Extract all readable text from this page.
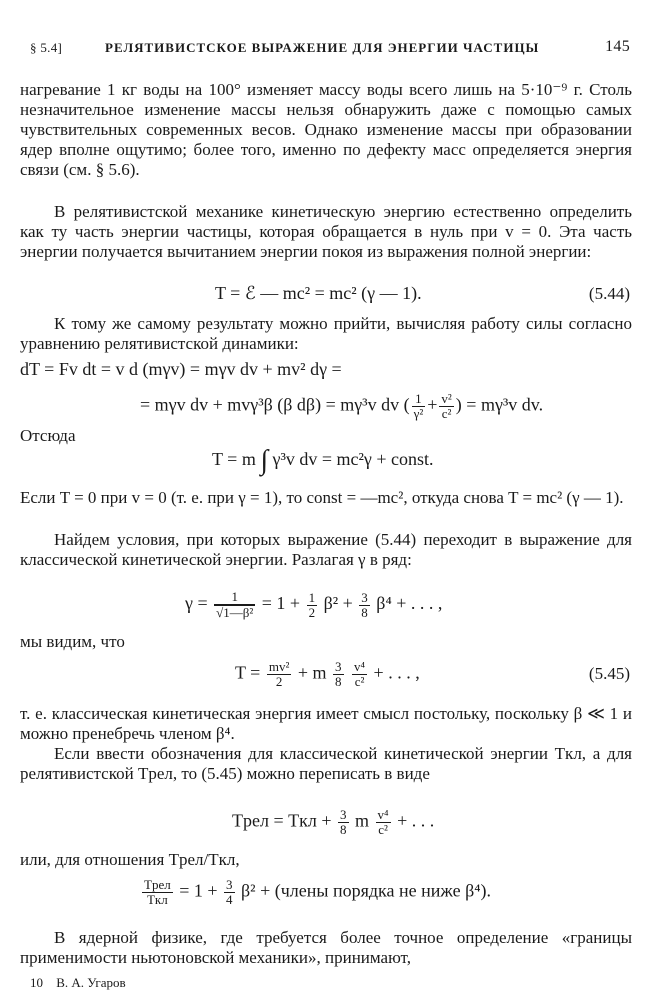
§ 5.4]	РЕЛЯТИВИСТСКОЕ ВЫРАЖЕНИЕ ДЛЯ ЭНЕРГИИ ЧАСТИЦЫ	145
нагревание 1 кг воды на 100° изменяет массу воды всего лишь на 5·10⁻⁹ г. Столь незначительное изменение массы нельзя обнаружить даже с помощью самых чувствительных современных весов. Однако изменение массы при образовании ядер вполне ощутимо; более того, именно по дефекту масс определяется энергия связи (см. § 5.6).
В релятивистской механике кинетическую энергию естественно определить как ту часть энергии частицы, которая обращается в нуль при v = 0. Эта часть энергии получается вычитанием энергии покоя из выражения полной энергии:
T = ℰ — mc² = mc² (γ — 1).	(5.44)
К тому же самому результату можно прийти, вычисляя работу силы согласно уравнению релятивистской динамики:
dT = Fv dt = v d (mγv) = mγv dv + mv² dγ =
= mγv dv + mvγ³β (β dβ) = mγ³v dv ( $\frac{1}{\text{γ²}} + \frac{\text{v²}}{\text{c²}}$ ) = mγ³v dv.
Отсюда
T = m ∫ γ³v dv = mc²γ + const.
Если T = 0 при v = 0 (т. е. при γ = 1), то const = —mc², откуда снова T = mc² (γ — 1).
Найдем условия, при которых выражение (5.44) переходит в выражение для классической кинетической энергии. Разлагая γ в ряд:
$\gamma = \frac{1}{\text{√1—β²}} = 1 + \frac{1}{2} \beta^2 + \frac{3}{8} \beta^4$ + . . . ,
мы видим, что
$T = \frac{\text{mv²}}{2} + m \frac{3}{8}$
$\frac{\text{v⁴}}{\text{c²}}$ + . . . ,	(5.45)
т. е. классическая кинетическая энергия имеет смысл постольку, поскольку β ≪ 1 и можно пренебречь членом β⁴.
Если ввести обозначения для классической кинетической энергии Tкл, а для релятивистской Tрел, то (5.45) можно переписать в виде
Tрел = Tкл + $\frac{3}{8}$ m $\frac{\text{v⁴}}{\text{c²}}$ + . . .
или, для отношения Tрел/Tкл,
$\frac{\text{Tрел}}{\text{Tкл}} = 1 + \frac{3}{4} \beta^2$ + (члены порядка не ниже β⁴).
В ядерной физике, где требуется более точное определение «границы применимости ньютоновской механики», принимают,
10 В. А. Угаров
